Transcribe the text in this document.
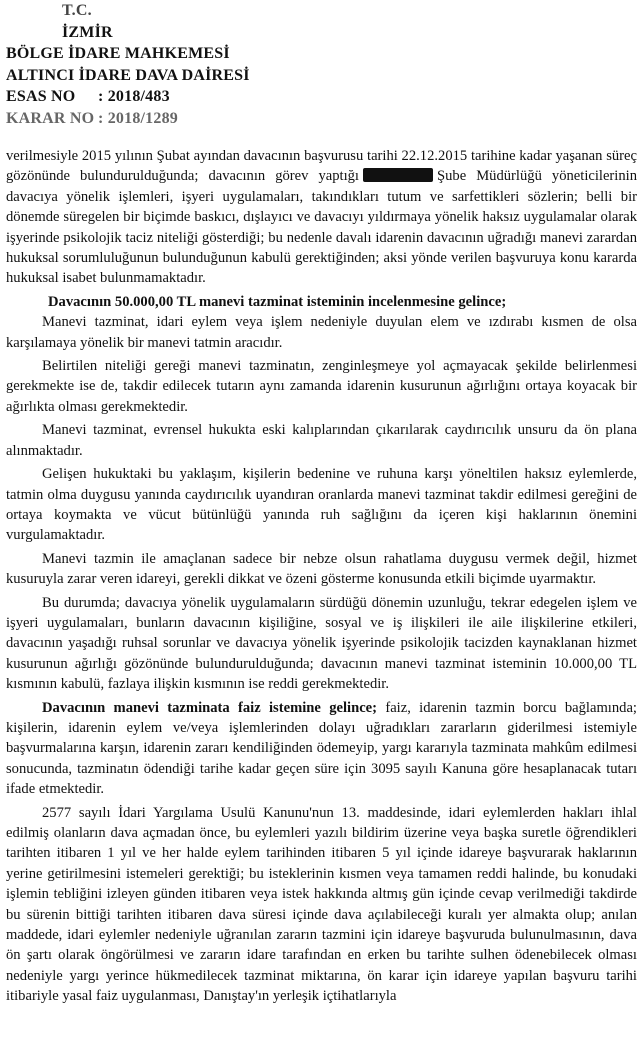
T.C.
İZMİR
BÖLGE İDARE MAHKEMESİ
ALTINCI İDARE DAVA DAİRESİ
ESAS NO : 2018/483
KARAR NO : 2018/1289

verilmesiyle 2015 yılının Şubat ayından davacının başvurusu tarihi 22.12.2015 tarihine kadar yaşanan süreç gözönünde bulundurulduğunda; davacının görev yaptığı	Şube Müdürlüğü yöneticilerinin davacıya yönelik işlemleri, işyeri uygulamaları, takındıkları tutum ve sarfettikleri sözlerin; belli bir dönemde süregelen bir biçimde baskıcı, dışlayıcı ve davacıyı yıldırmaya yönelik haksız uygulamalar olarak işyerinde psikolojik taciz niteliği gösterdiği; bu nedenle davalı idarenin davacının uğradığı manevi zarardan hukuksal sorumluluğunun bulunduğunun kabulü gerektiğinden; aksi yönde verilen başvuruya konu kararda hukuksal isabet bulunmamaktadır.

Davacının 50.000,00 TL manevi tazminat isteminin incelenmesine gelince;

Manevi tazminat, idari eylem veya işlem nedeniyle duyulan elem ve ızdırabı kısmen de olsa karşılamaya yönelik bir manevi tatmin aracıdır.

Belirtilen niteliği gereği manevi tazminatın, zenginleşmeye yol açmayacak şekilde belirlenmesi gerekmekte ise de, takdir edilecek tutarın aynı zamanda idarenin kusurunun ağırlığını ortaya koyacak bir ağırlıkta olması gerekmektedir.

Manevi tazminat, evrensel hukukta eski kalıplarından çıkarılarak caydırıcılık unsuru da ön plana alınmaktadır.

Gelişen hukuktaki bu yaklaşım, kişilerin bedenine ve ruhuna karşı yöneltilen haksız eylemlerde, tatmin olma duygusu yanında caydırıcılık uyandıran oranlarda manevi tazminat takdir edilmesi gereğini de ortaya koymakta ve vücut bütünlüğü yanında ruh sağlığını da içeren kişi haklarının önemini vurgulamaktadır.

Manevi tazmin ile amaçlanan sadece bir nebze olsun rahatlama duygusu vermek değil, hizmet kusuruyla zarar veren idareyi, gerekli dikkat ve özeni gösterme konusunda etkili biçimde uyarmaktır.

Bu durumda; davacıya yönelik uygulamaların sürdüğü dönemin uzunluğu, tekrar edegelen işlem ve işyeri uygulamaları, bunların davacının kişiliğine, sosyal ve iş ilişkileri ile aile ilişkilerine etkileri, davacının yaşadığı ruhsal sorunlar ve davacıya yönelik işyerinde psikolojik tacizden kaynaklanan hizmet kusurunun ağırlığı gözönünde bulundurulduğunda; davacının manevi tazminat isteminin 10.000,00 TL kısmının kabulü, fazlaya ilişkin kısmının ise reddi gerekmektedir.

Davacının manevi tazminata faiz istemine gelince; faiz, idarenin tazmin borcu bağlamında; kişilerin, idarenin eylem ve/veya işlemlerinden dolayı uğradıkları zararların giderilmesi istemiyle başvurmalarına karşın, idarenin zararı kendiliğinden ödemeyip, yargı kararıyla tazminata mahkûm edilmesi sonucunda, tazminatın ödendiği tarihe kadar geçen süre için 3095 sayılı Kanuna göre hesaplanacak tutarı ifade etmektedir.

2577 sayılı İdari Yargılama Usulü Kanunu'nun 13. maddesinde, idari eylemlerden hakları ihlal edilmiş olanların dava açmadan önce, bu eylemleri yazılı bildirim üzerine veya başka suretle öğrendikleri tarihten itibaren 1 yıl ve her halde eylem tarihinden itibaren 5 yıl içinde idareye başvurarak haklarının yerine getirilmesini istemeleri gerektiği; bu isteklerinin kısmen veya tamamen reddi halinde, bu konudaki işlemin tebliğini izleyen günden itibaren veya istek hakkında altmış gün içinde cevap verilmediği takdirde bu sürenin bittiği tarihten itibaren dava süresi içinde dava açılabileceği kuralı yer almakta olup; anılan maddede, idari eylemler nedeniyle uğranılan zararın tazmini için idareye başvuruda bulunulmasının, dava ön şartı olarak öngörülmesi ve zararın idare tarafından en erken bu tarihte sulhen ödenebilecek olması nedeniyle yargı yerince hükmedilecek tazminat miktarına, ön karar için idareye yapılan başvuru tarihi itibariyle yasal faiz uygulanması, Danıştay'ın yerleşik içtihatlarıyla
